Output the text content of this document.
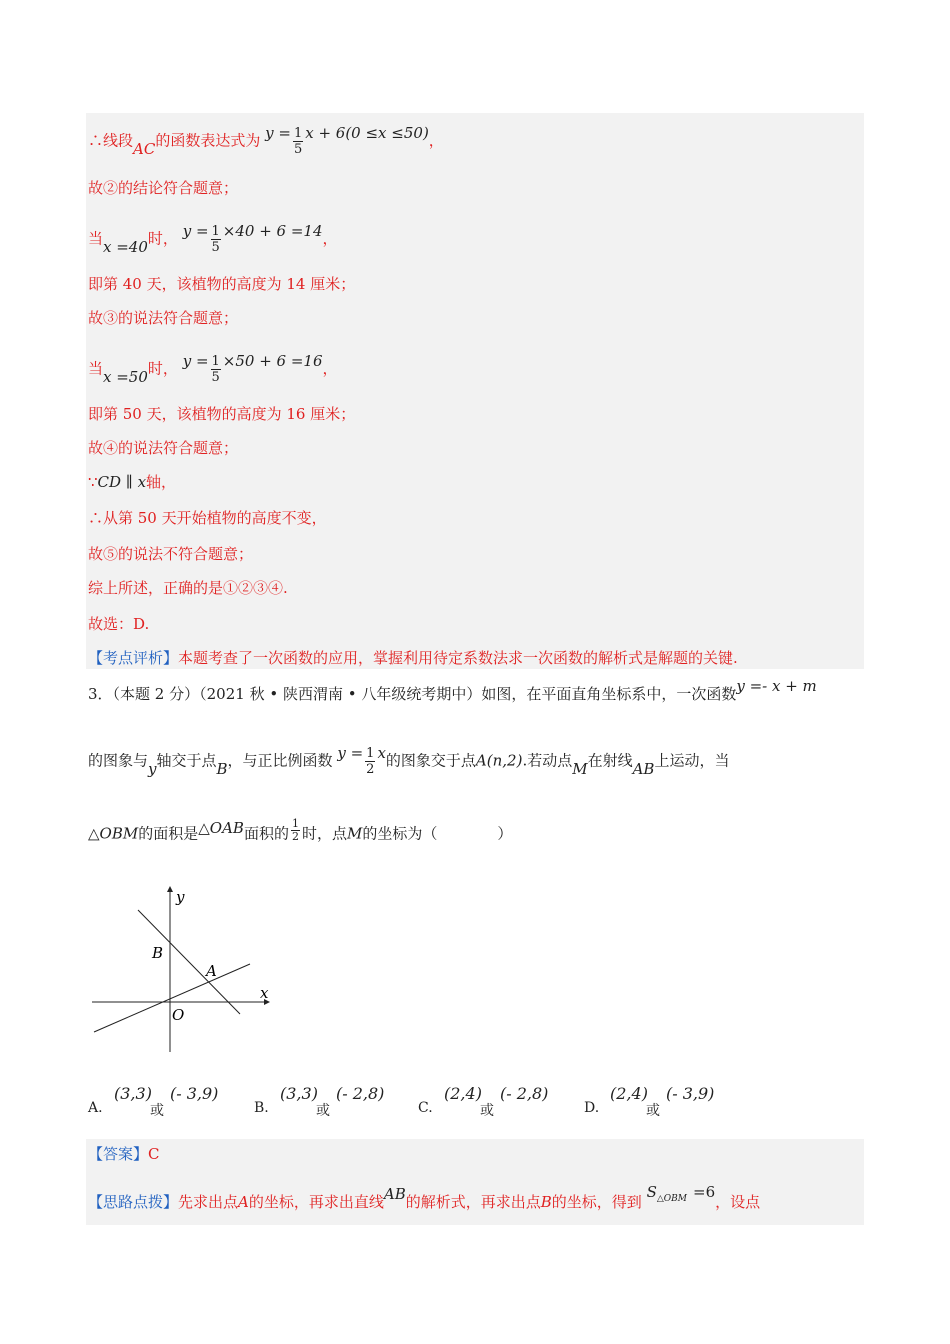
∴线段AC的函数表达式为 $y = \frac{1}{5}$ x + 6(0 ≤x ≤50)，
故②的结论符合题意；
当x =40时， $y = \frac{1}{5} \times 40 + 6 =14$，
即第 40 天，该植物的高度为 14 厘米；
故③的说法符合题意；
当x =50时， $y = \frac{1}{5} \times 50 + 6 =16$，
即第 50 天，该植物的高度为 16 厘米；
故④的说法符合题意；
∵CD ∥ x轴，
∴从第 50 天开始植物的高度不变，
故⑤的说法不符合题意；
综上所述，正确的是①②③④.
故选：D.
【考点评析】本题考查了一次函数的应用，掌握利用待定系数法求一次函数的解析式是解题的关键.
3．（本题 2 分）（2021 秋 • 陕西渭南 • 八年级统考期中）如图，在平面直角坐标系中，一次函数y =- x + m
的图象与y轴交于点B，与正比例函数 $y = \frac{1}{2}$ x的图象交于点A(n,2).若动点M在射线AB上运动，当
△OBM的面积是△OAB面积的 $\frac{1}{2}$ 时，点M的坐标为（　　　　）
y
x
B
A
O
A.
(3,3)
或
(- 3,9)
B.
(3,3)
或
(- 2,8)
C.
(2,4)
或
(- 2,8)
D.
(2,4)
或
(- 3,9)
【答案】C
【思路点拨】先求出点A的坐标，再求出直线AB的解析式，再求出点B的坐标，得到 $S^{\triangle OBM} =6$，设点
